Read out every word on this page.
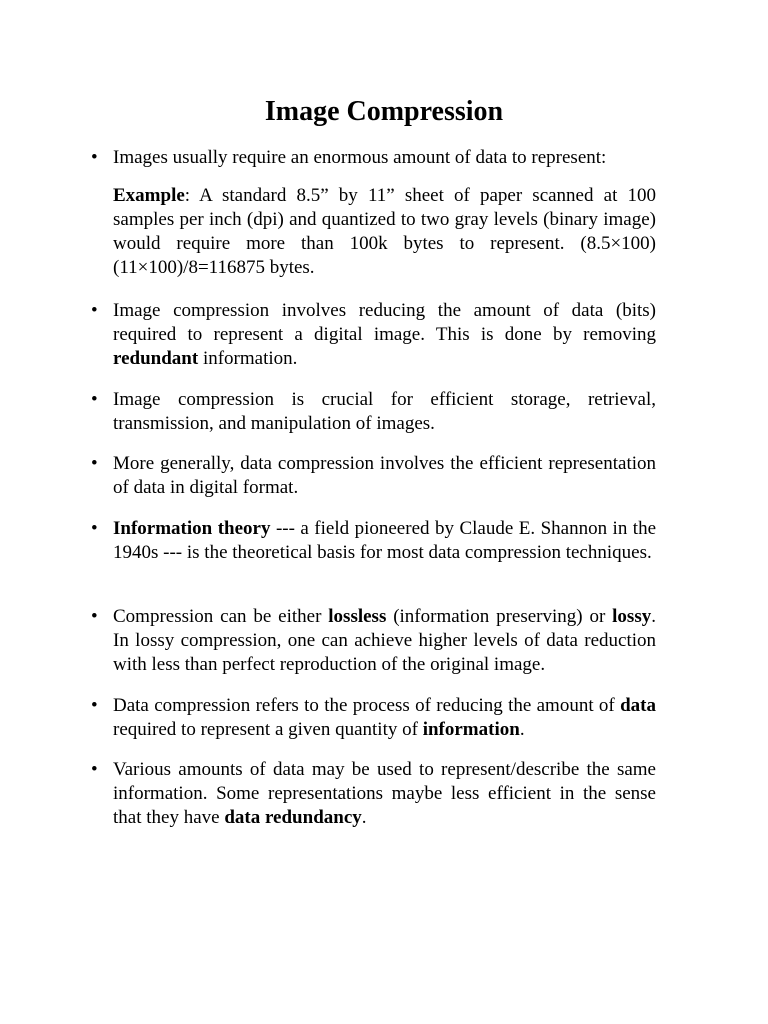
Image Compression
• Images usually require an enormous amount of data to represent:
Example: A standard 8.5” by 11” sheet of paper scanned at 100 samples per inch (dpi) and quantized to two gray levels (binary image) would require more than 100k bytes to represent. (8.5×100)(11×100)/8=116875 bytes.
• Image compression involves reducing the amount of data (bits) required to represent a digital image. This is done by removing redundant information.
• Image compression is crucial for efficient storage, retrieval, transmission, and manipulation of images.
• More generally, data compression involves the efficient representation of data in digital format.
• Information theory --- a field pioneered by Claude E. Shannon in the 1940s --- is the theoretical basis for most data compression techniques.
• Compression can be either lossless (information preserving) or lossy. In lossy compression, one can achieve higher levels of data reduction with less than perfect reproduction of the original image.
• Data compression refers to the process of reducing the amount of data required to represent a given quantity of information.
• Various amounts of data may be used to represent/describe the same information. Some representations maybe less efficient in the sense that they have data redundancy.
